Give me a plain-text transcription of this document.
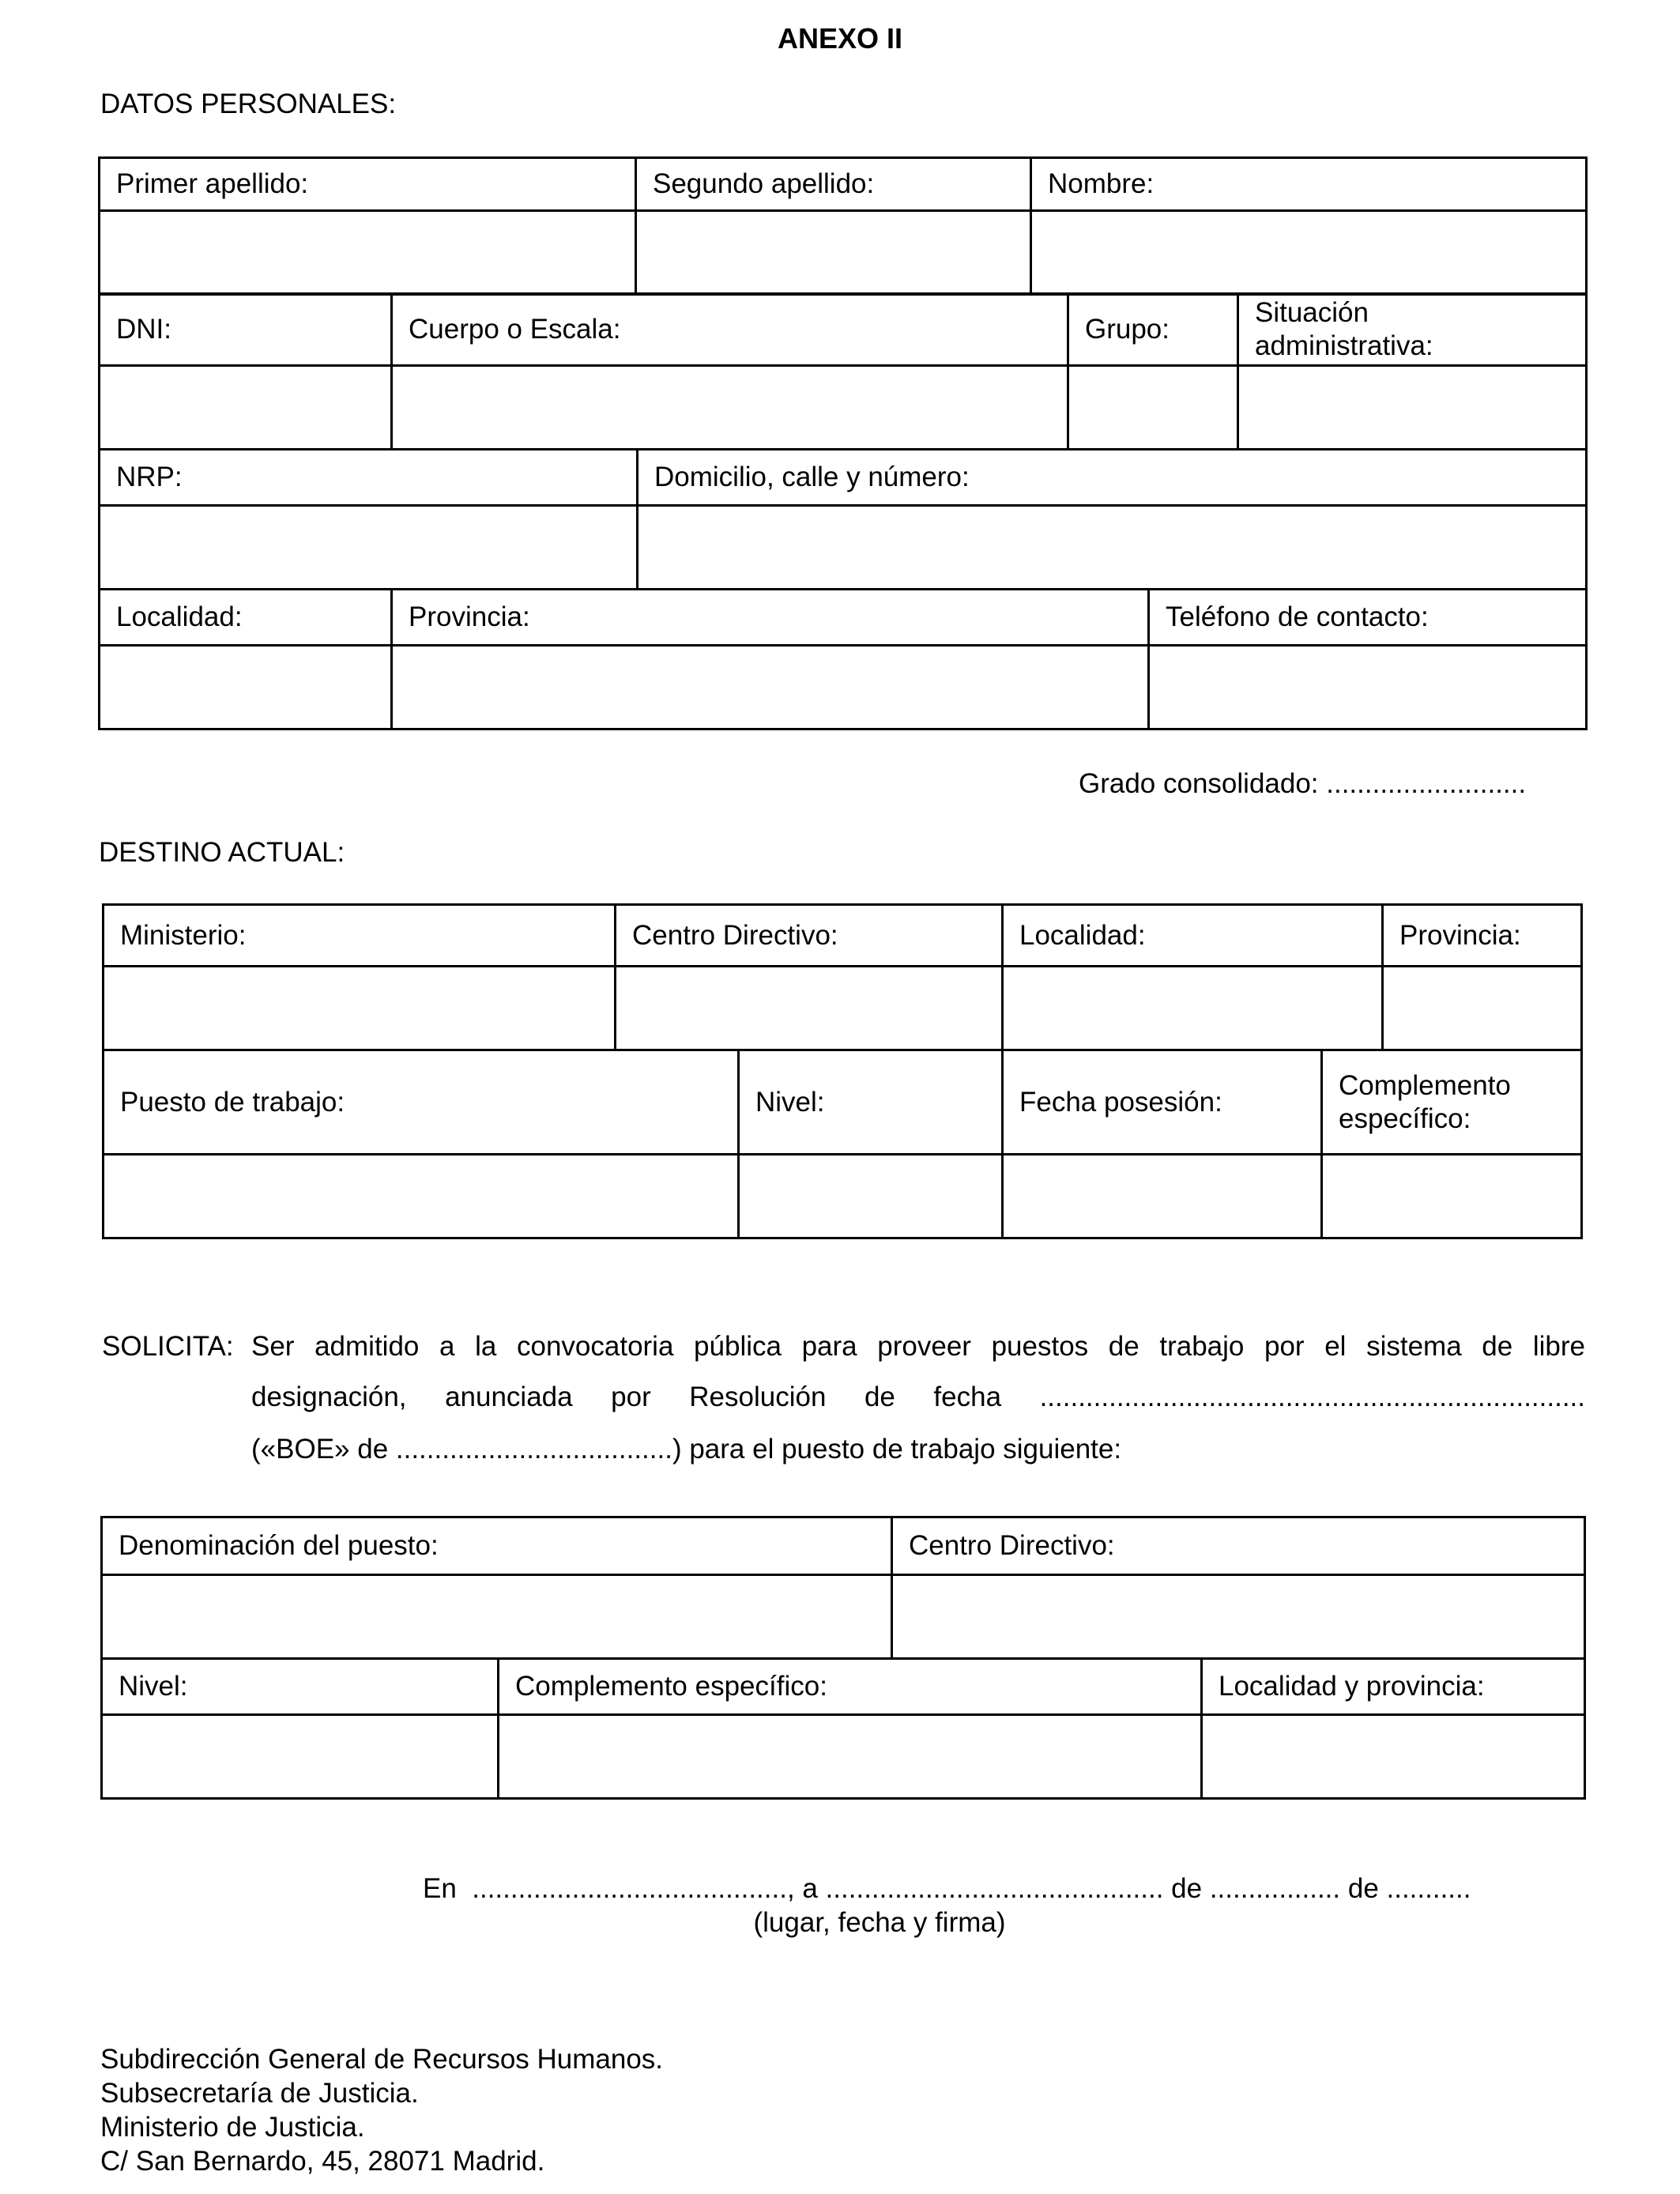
ANEXO II
DATOS PERSONALES:
Primer apellido:	Segundo apellido:	Nombre:

DNI:	Cuerpo o Escala:	Grupo:	Situación
administrativa:

NRP:	Domicilio, calle y número:

Localidad:	Provincia:	Teléfono de contacto:

Grado consolidado: ..........................
DESTINO ACTUAL:
Ministerio:	Centro Directivo:	Localidad:	Provincia:

Puesto de trabajo:	Nivel:	Fecha posesión:	Complemento
específico:

SOLICITA: Ser admitido a la convocatoria pública para proveer puestos de trabajo por el sistema de libre
designación, anunciada por Resolución de fecha .......................................................................
(«BOE» de ....................................) para el puesto de trabajo siguiente:
Denominación del puesto:	Centro Directivo:

Nivel:	Complemento específico:	Localidad y provincia:

En  ........................................., a ............................................ de ................. de ...........
(lugar, fecha y firma)
Subdirección General de Recursos Humanos.
Subsecretaría de Justicia.
Ministerio de Justicia.
C/ San Bernardo, 45, 28071 Madrid.
